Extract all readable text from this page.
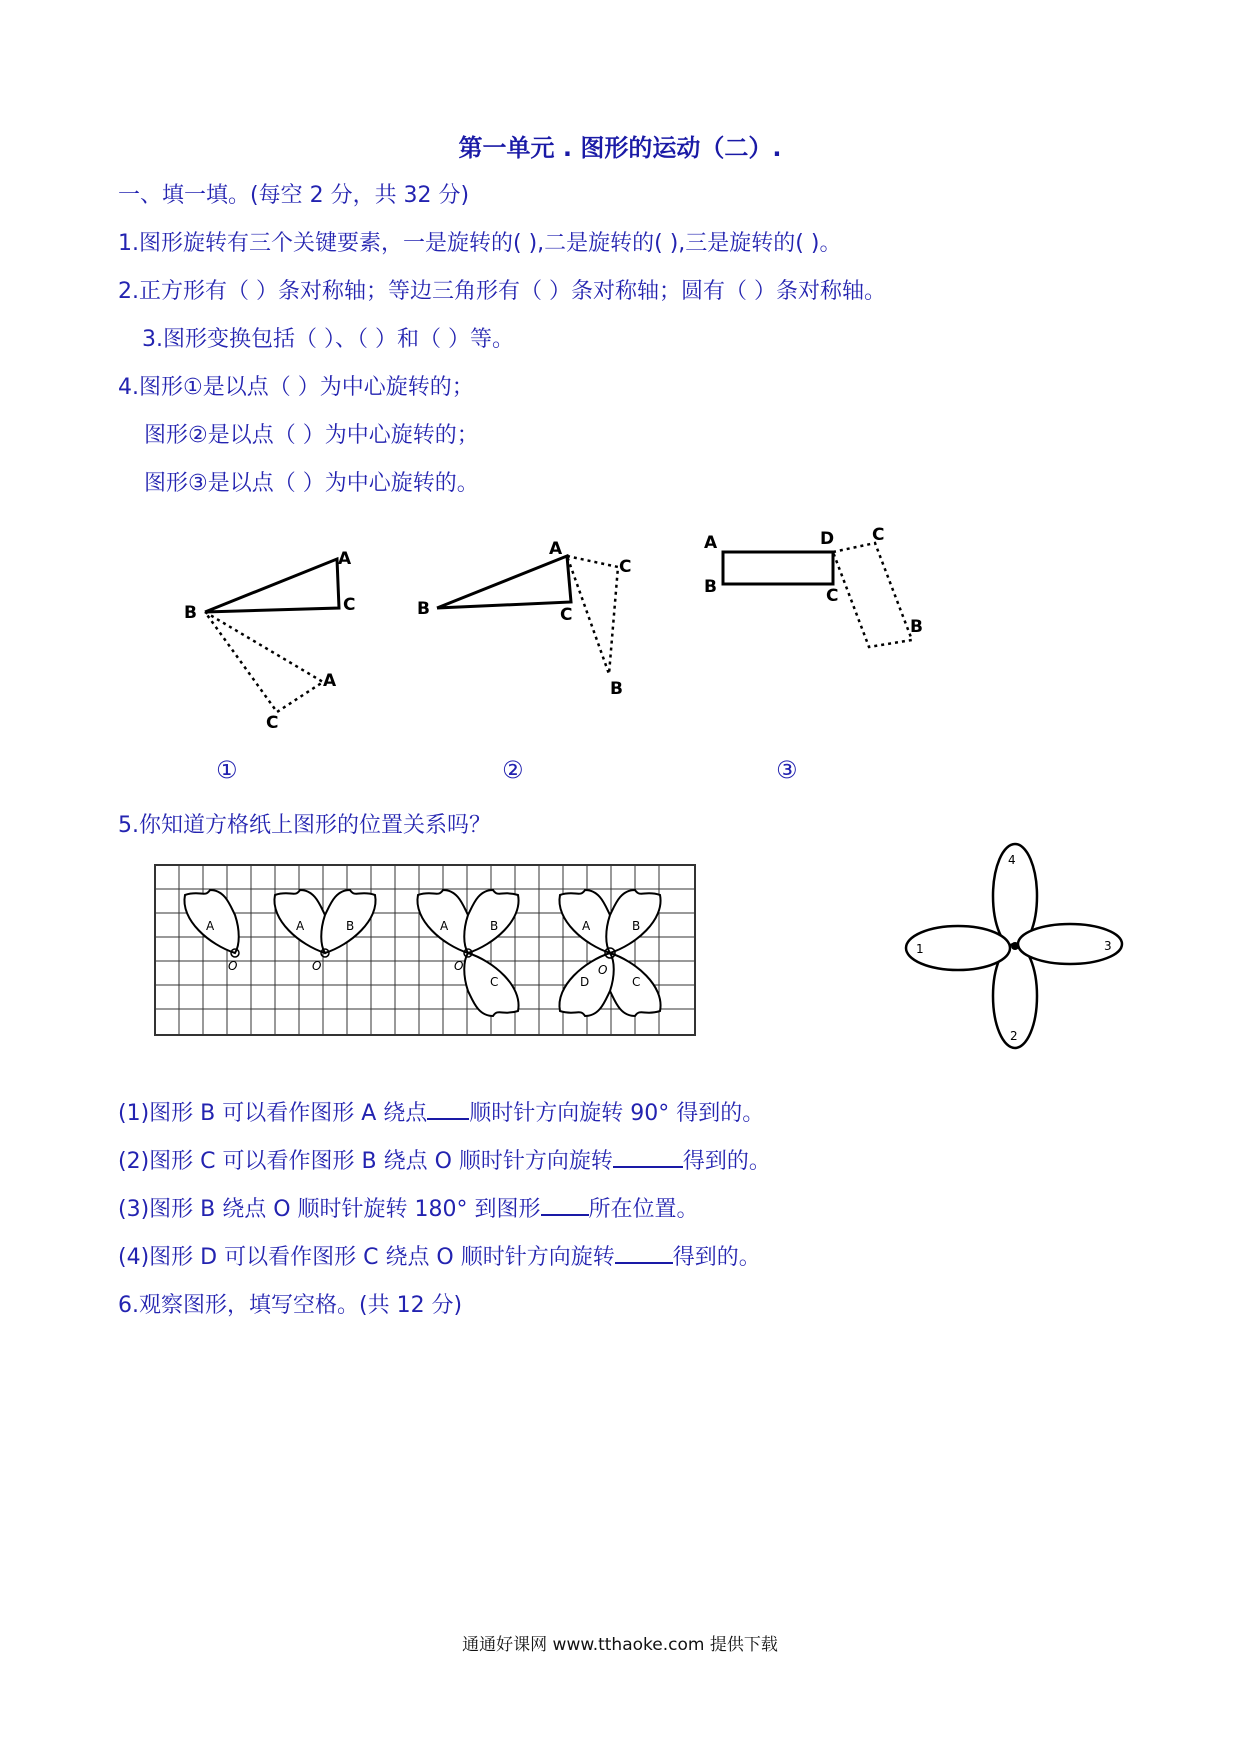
第一单元 . 图形的运动（二）.
一、填一填。(每空 2 分，共 32 分)
1.图形旋转有三个关键要素，一是旋转的( ),二是旋转的( ),三是旋转的( )。
2.正方形有（ ）条对称轴；等边三角形有（ ）条对称轴；圆有（ ）条对称轴。
3.图形变换包括（ ）、（ ）和（ ）等。
4.图形①是以点（ ）为中心旋转的；
图形②是以点（ ）为中心旋转的；
图形③是以点（ ）为中心旋转的。
B
A
C
A
C
B
A
C
C
B
A
B
D
C
C
B
①	②	③
5.你知道方格纸上图形的位置关系吗？
A	A	B	A	B
C
A	B
C
D
O	O	O	O
4
1	3
2
(1)图形 B 可以看作图形 A 绕点 顺时针方向旋转 90° 得到的。
(2)图形 C 可以看作图形 B 绕点 O 顺时针方向旋转	得到的。
(3)图形 B 绕点 O 顺时针旋转 180° 到图形 所在位置。
(4)图形 D 可以看作图形 C 绕点 O 顺时针方向旋转	得到的。
6.观察图形，填写空格。(共 12 分)
通通好课网 www.tthaoke.com 提供下载
